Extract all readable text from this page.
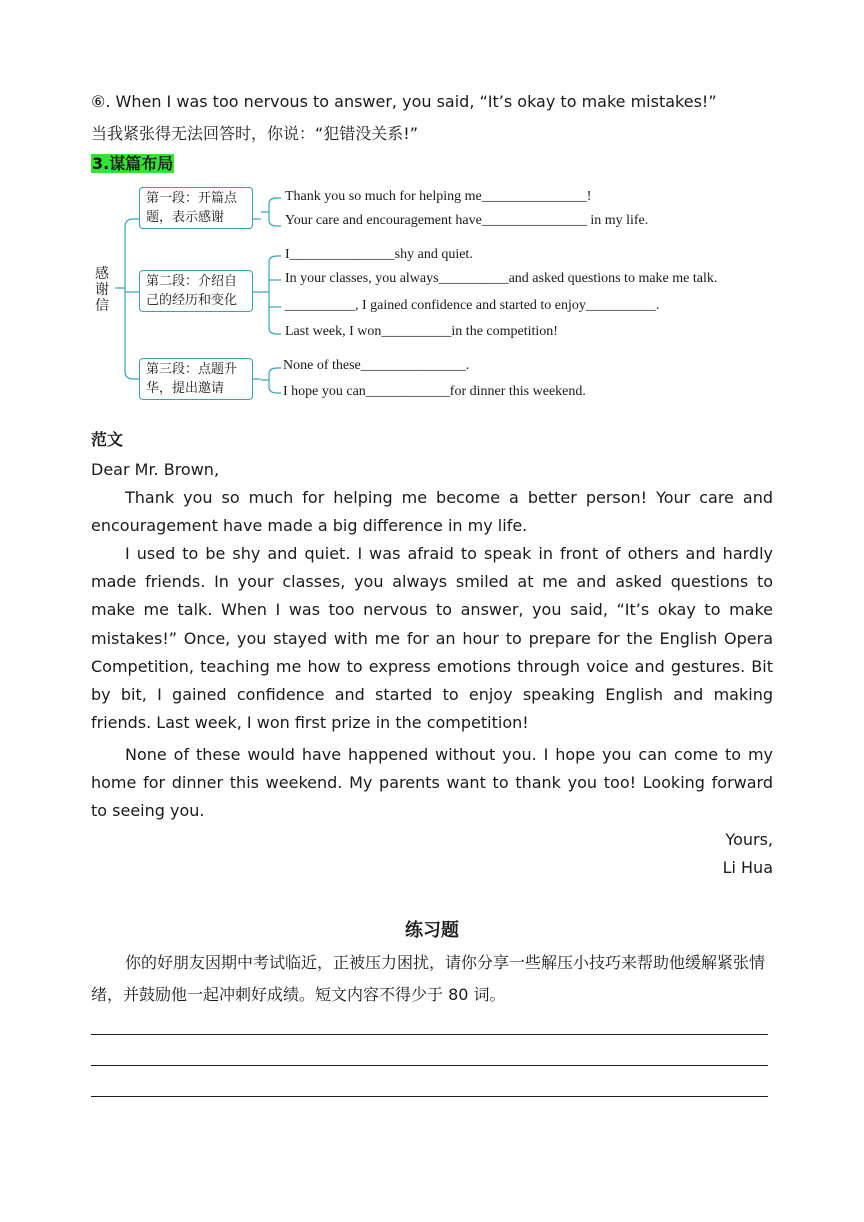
⑥. When I was too nervous to answer, you said, “It’s okay to make mistakes!”
当我紧张得无法回答时，你说：“犯错没关系!”
3.谋篇布局
感
谢
信
第一段：开篇点
题，表示感谢
第二段：介绍自
己的经历和变化
第三段：点题升
华，提出邀请
Thank you so much for helping me_______________!
Your care and encouragement have_______________ in my life.
I_______________shy and quiet.
In your classes, you always__________and asked questions to make me talk.
__________, I gained confidence and started to enjoy__________.
Last week, I won__________in the competition!
None of these_______________.
I hope you can____________for dinner this weekend.
范文
Dear Mr. Brown,
Thank you so much for helping me become a better person! Your care and encouragement have made a big difference in my life.
I used to be shy and quiet. I was afraid to speak in front of others and hardly made friends. In your classes, you always smiled at me and asked questions to make me talk. When I was too nervous to answer, you said, “It’s okay to make mistakes!” Once, you stayed with me for an hour to prepare for the English Opera Competition, teaching me how to express emotions through voice and gestures. Bit by bit, I gained confidence and started to enjoy speaking English and making friends. Last week, I won first prize in the competition!
None of these would have happened without you. I hope you can come to my home for dinner this weekend. My parents want to thank you too! Looking forward to seeing you.
Yours,
Li Hua
练习题
你的好朋友因期中考试临近，正被压力困扰，请你分享一些解压小技巧来帮助他缓解紧张情绪，并鼓励他一起冲刺好成绩。短文内容不得少于 80 词。
